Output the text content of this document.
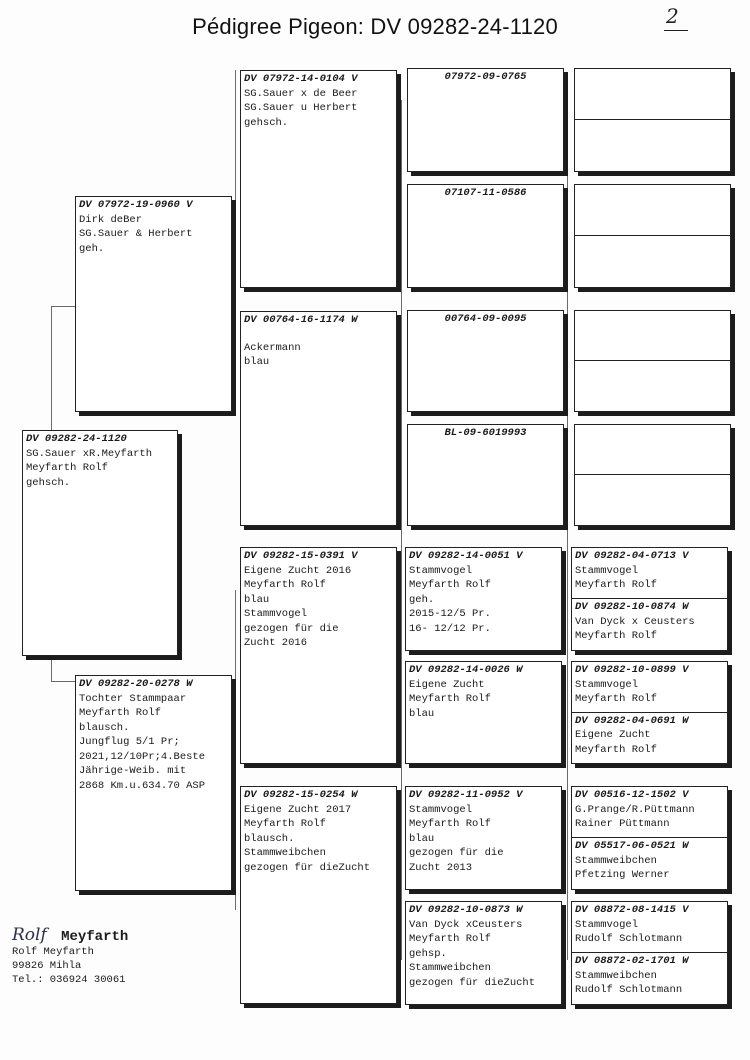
Pédigree Pigeon: DV 09282-24-1120	2
DV 09282-24-1120
SG.Sauer xR.Meyfarth
Meyfarth Rolf
gehsch.
DV 07972-19-0960 V
Dirk deBer
SG.Sauer & Herbert
geh.
DV 09282-20-0278 W
Tochter Stammpaar
Meyfarth Rolf
blausch.
Jungflug 5/1 Pr;
2021,12/10Pr;4.Beste
Jährige-Weib. mit
2868 Km.u.634.70 ASP
DV 07972-14-0104 V
SG.Sauer x de Beer
SG.Sauer u Herbert
gehsch.
DV 00764-16-1174 W
Ackermann
blau
DV 09282-15-0391 V
Eigene Zucht 2016
Meyfarth Rolf
blau
Stammvogel
gezogen für die
Zucht 2016
DV 09282-15-0254 W
Eigene Zucht 2017
Meyfarth Rolf
blausch.
Stammweibchen
gezogen für dieZucht
07972-09-0765
07107-11-0586
00764-09-0095
BL-09-6019993
DV 09282-14-0051 V
Stammvogel
Meyfarth Rolf
geh.
2015-12/5 Pr.
16- 12/12 Pr.
DV 09282-14-0026 W
Eigene Zucht
Meyfarth Rolf
blau
DV 09282-11-0952 V
Stammvogel
Meyfarth Rolf
blau
gezogen für die
Zucht 2013
DV 09282-10-0873 W
Van Dyck xCeusters
Meyfarth Rolf
gehsp.
Stammweibchen
gezogen für dieZucht
DV 09282-04-0713 V
Stammvogel
Meyfarth Rolf
DV 09282-10-0874 W
Van Dyck x Ceusters
Meyfarth Rolf
DV 09282-10-0899 V
Stammvogel
Meyfarth Rolf
DV 09282-04-0691 W
Eigene Zucht
Meyfarth Rolf
DV 00516-12-1502 V
G.Prange/R.Püttmann
Rainer Püttmann
DV 05517-06-0521 W
Stammweibchen
Pfetzing Werner
DV 08872-08-1415 V
Stammvogel
Rudolf Schlotmann
DV 08872-02-1701 W
Stammweibchen
Rudolf Schlotmann
Rolf Meyfarth
Rolf Meyfarth
99826 Mihla
Tel.: 036924 30061
